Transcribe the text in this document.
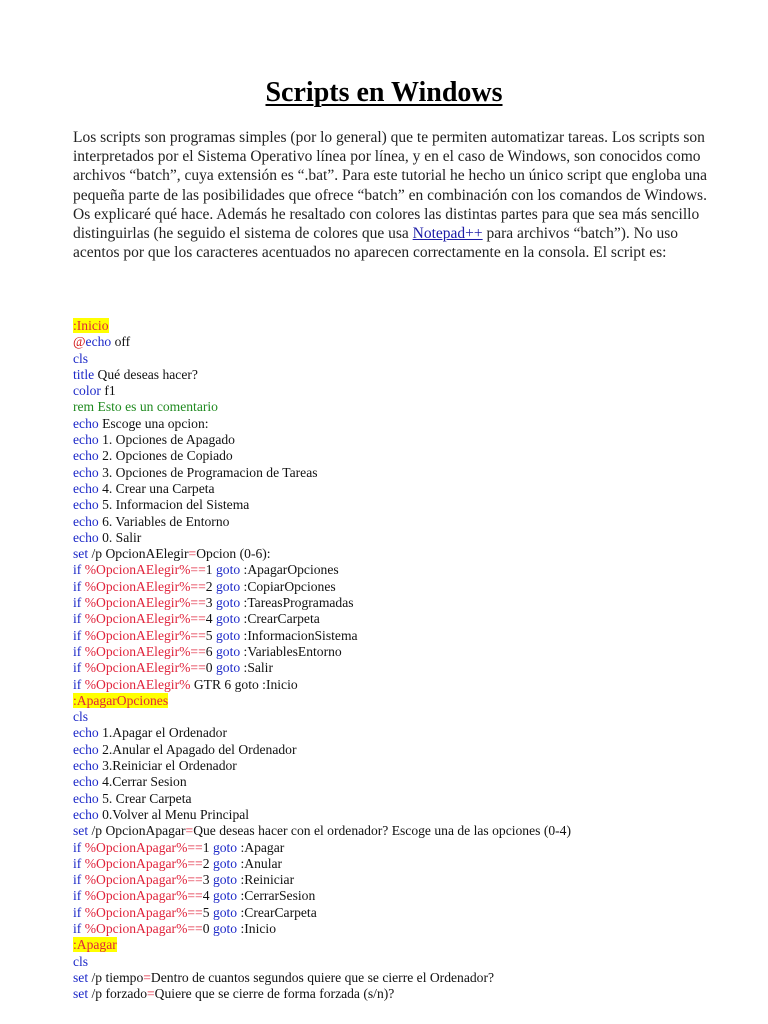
Scripts en Windows

Los scripts son programas simples (por lo general) que te permiten automatizar tareas. Los scripts son interpretados por el Sistema Operativo línea por línea, y en el caso de Windows, son conocidos como archivos “batch”, cuya extensión es “.bat”. Para este tutorial he hecho un único script que engloba una pequeña parte de las posibilidades que ofrece “batch” en combinación con los comandos de Windows.

Os explicaré qué hace. Además he resaltado con colores las distintas partes para que sea más sencillo distinguirlas (he seguido el sistema de colores que usa Notepad++ para archivos “batch”). No uso acentos por que los caracteres acentuados no aparecen correctamente en la consola. El script es:

:Inicio
@echo off
cls
title Qué deseas hacer?
color f1
rem Esto es un comentario
echo Escoge una opcion:
echo 1. Opciones de Apagado
echo 2. Opciones de Copiado
echo 3. Opciones de Programacion de Tareas
echo 4. Crear una Carpeta
echo 5. Informacion del Sistema
echo 6. Variables de Entorno
echo 0. Salir
set /p OpcionAElegir=Opcion (0-6):
if %OpcionAElegir%==1 goto :ApagarOpciones
if %OpcionAElegir%==2 goto :CopiarOpciones
if %OpcionAElegir%==3 goto :TareasProgramadas
if %OpcionAElegir%==4 goto :CrearCarpeta
if %OpcionAElegir%==5 goto :InformacionSistema
if %OpcionAElegir%==6 goto :VariablesEntorno
if %OpcionAElegir%==0 goto :Salir
if %OpcionAElegir% GTR 6 goto :Inicio
:ApagarOpciones
cls
echo 1.Apagar el Ordenador
echo 2.Anular el Apagado del Ordenador
echo 3.Reiniciar el Ordenador
echo 4.Cerrar Sesion
echo 5. Crear Carpeta
echo 0.Volver al Menu Principal
set /p OpcionApagar=Que deseas hacer con el ordenador? Escoge una de las opciones (0-4)
if %OpcionApagar%==1 goto :Apagar
if %OpcionApagar%==2 goto :Anular
if %OpcionApagar%==3 goto :Reiniciar
if %OpcionApagar%==4 goto :CerrarSesion
if %OpcionApagar%==5 goto :CrearCarpeta
if %OpcionApagar%==0 goto :Inicio
:Apagar
cls
set /p tiempo=Dentro de cuantos segundos quiere que se cierre el Ordenador?
set /p forzado=Quiere que se cierre de forma forzada (s/n)?
